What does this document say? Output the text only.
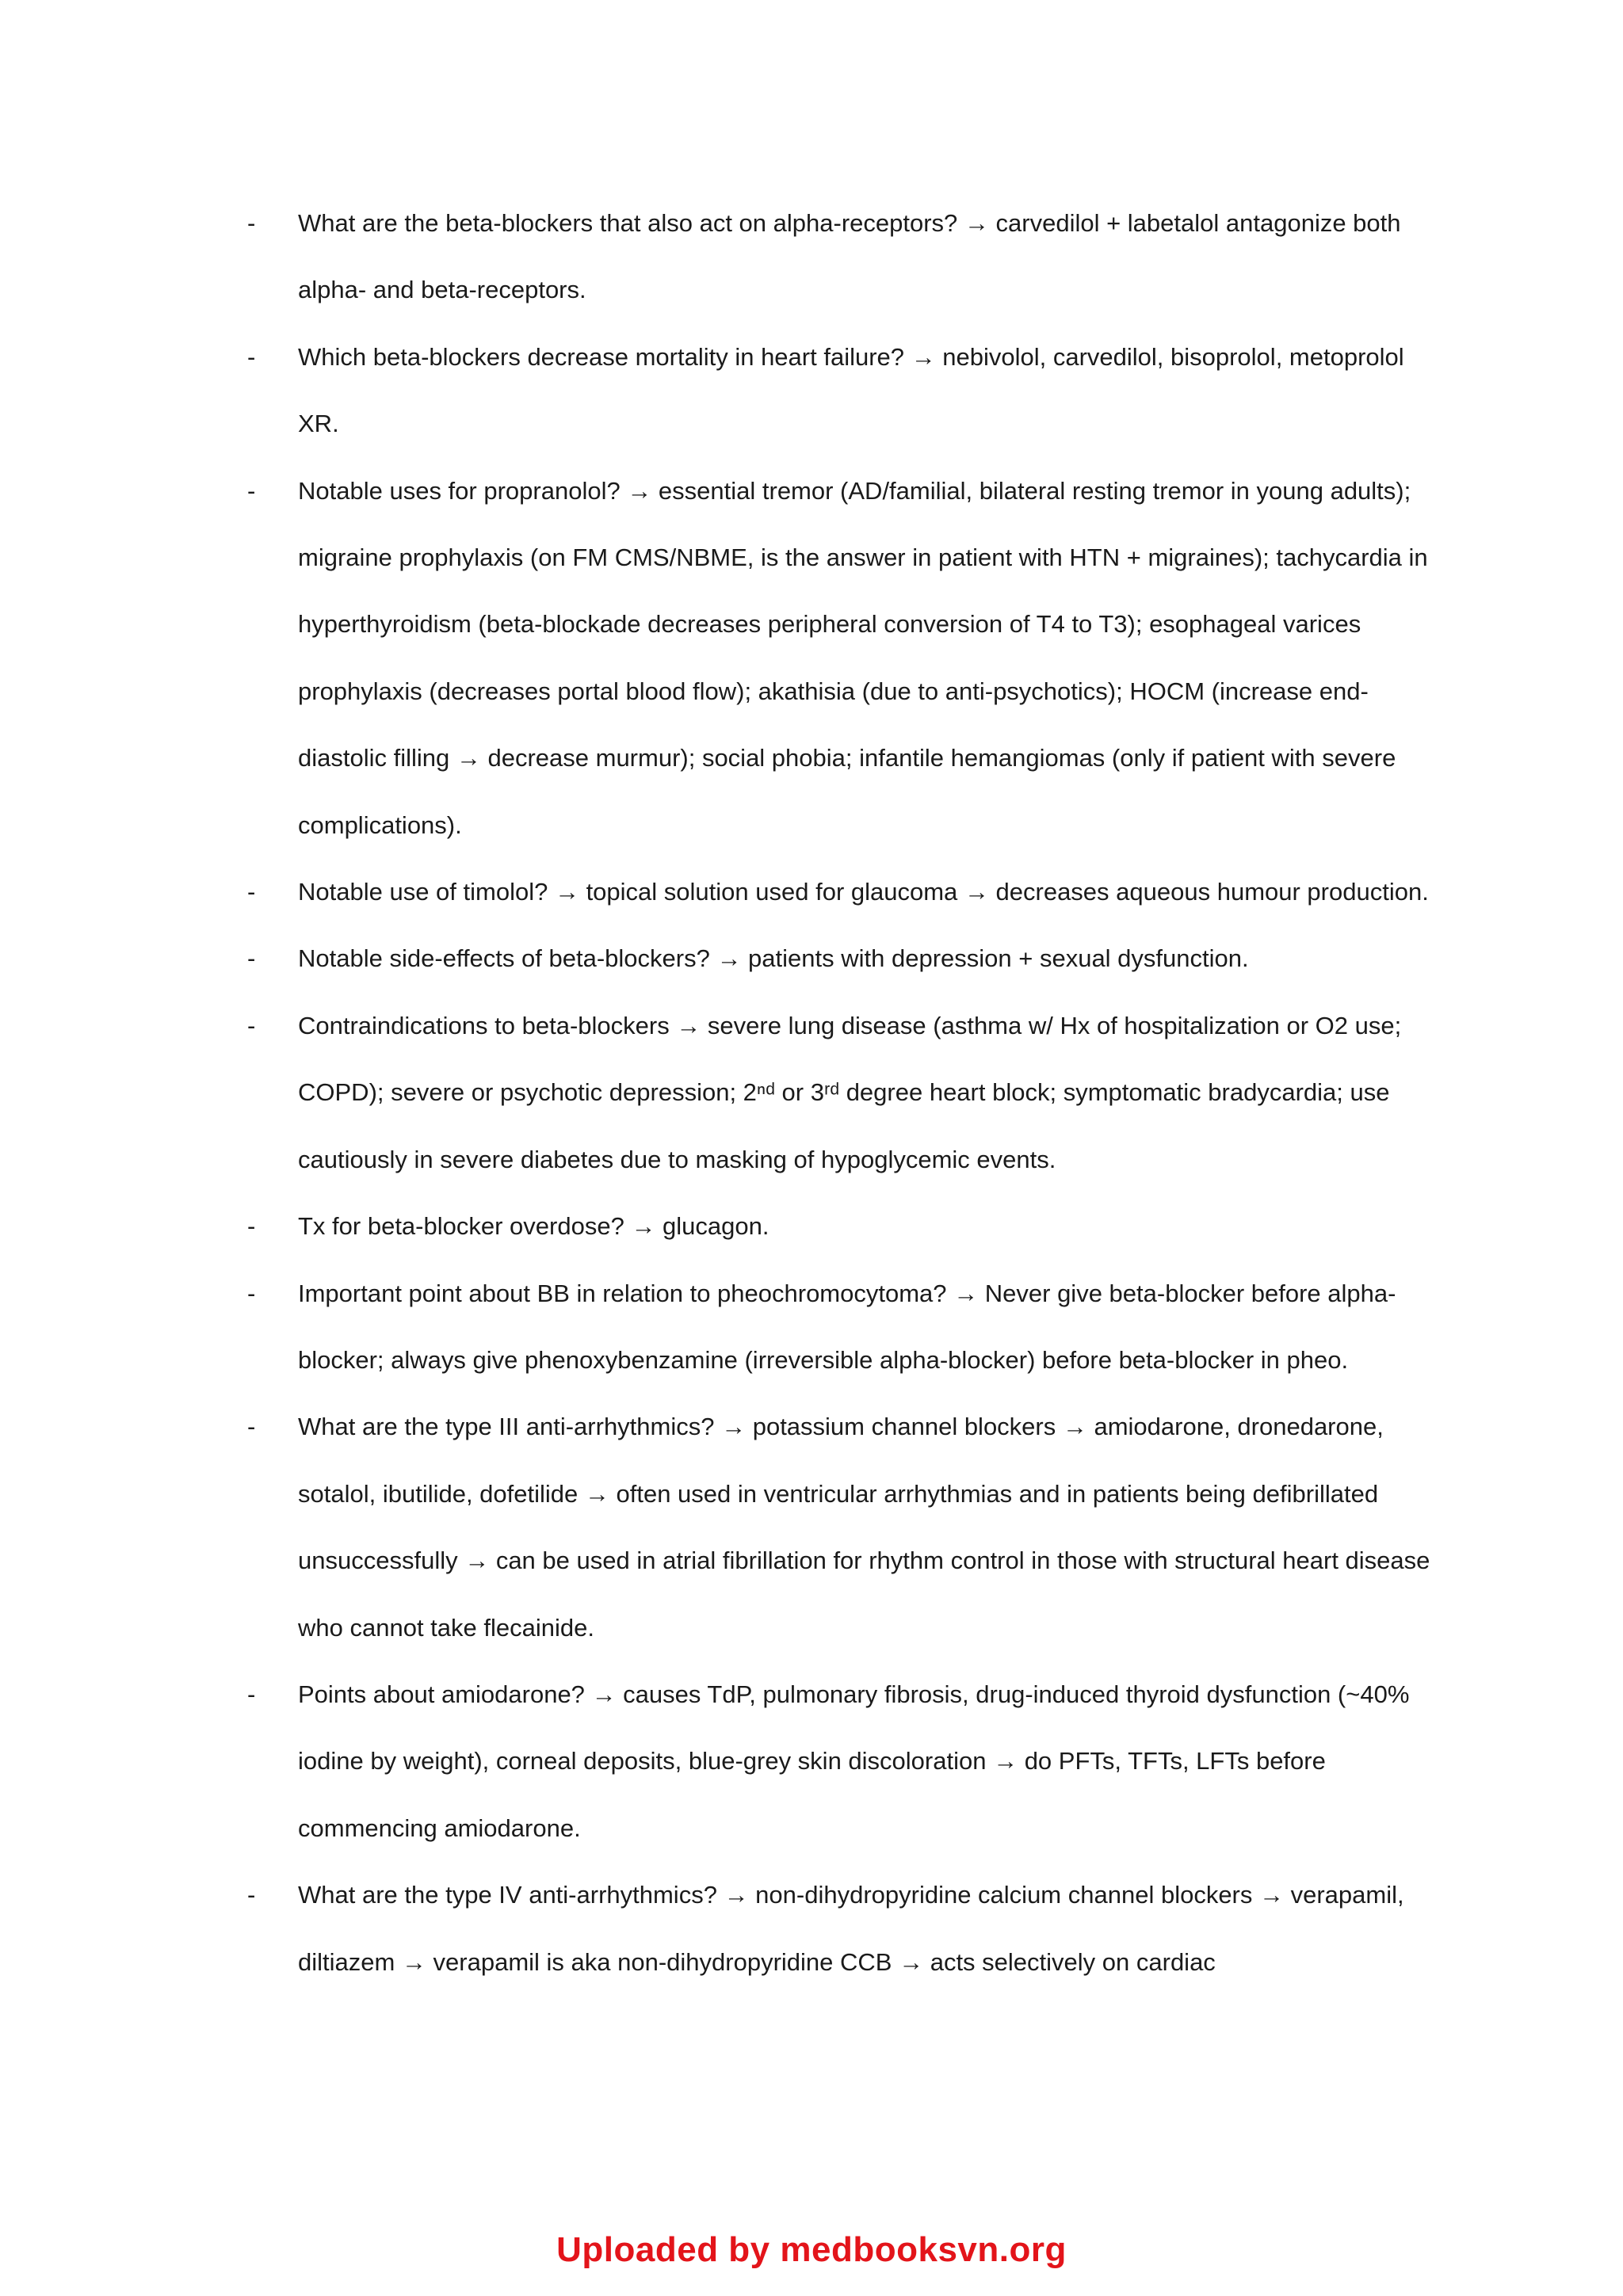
- What are the beta-blockers that also act on alpha-receptors? → carvedilol + labetalol antagonize both alpha- and beta-receptors.
- Which beta-blockers decrease mortality in heart failure? → nebivolol, carvedilol, bisoprolol, metoprolol XR.
- Notable uses for propranolol? → essential tremor (AD/familial, bilateral resting tremor in young adults); migraine prophylaxis (on FM CMS/NBME, is the answer in patient with HTN + migraines); tachycardia in hyperthyroidism (beta-blockade decreases peripheral conversion of T4 to T3); esophageal varices prophylaxis (decreases portal blood flow); akathisia (due to anti-psychotics); HOCM (increase end-diastolic filling → decrease murmur); social phobia; infantile hemangiomas (only if patient with severe complications).
- Notable use of timolol? → topical solution used for glaucoma → decreases aqueous humour production.
- Notable side-effects of beta-blockers? → patients with depression + sexual dysfunction.
- Contraindications to beta-blockers → severe lung disease (asthma w/ Hx of hospitalization or O2 use; COPD); severe or psychotic depression; 2ⁿᵈ or 3ʳᵈ degree heart block; symptomatic bradycardia; use cautiously in severe diabetes due to masking of hypoglycemic events.
- Tx for beta-blocker overdose? → glucagon.
- Important point about BB in relation to pheochromocytoma? → Never give beta-blocker before alpha-blocker; always give phenoxybenzamine (irreversible alpha-blocker) before beta-blocker in pheo.
- What are the type III anti-arrhythmics? → potassium channel blockers → amiodarone, dronedarone, sotalol, ibutilide, dofetilide → often used in ventricular arrhythmias and in patients being defibrillated unsuccessfully → can be used in atrial fibrillation for rhythm control in those with structural heart disease who cannot take flecainide.
- Points about amiodarone? → causes TdP, pulmonary fibrosis, drug-induced thyroid dysfunction (~40% iodine by weight), corneal deposits, blue-grey skin discoloration → do PFTs, TFTs, LFTs before commencing amiodarone.
- What are the type IV anti-arrhythmics? → non-dihydropyridine calcium channel blockers → verapamil, diltiazem → verapamil is aka non-dihydropyridine CCB → acts selectively on cardiac
Uploaded by medbooksvn.org
